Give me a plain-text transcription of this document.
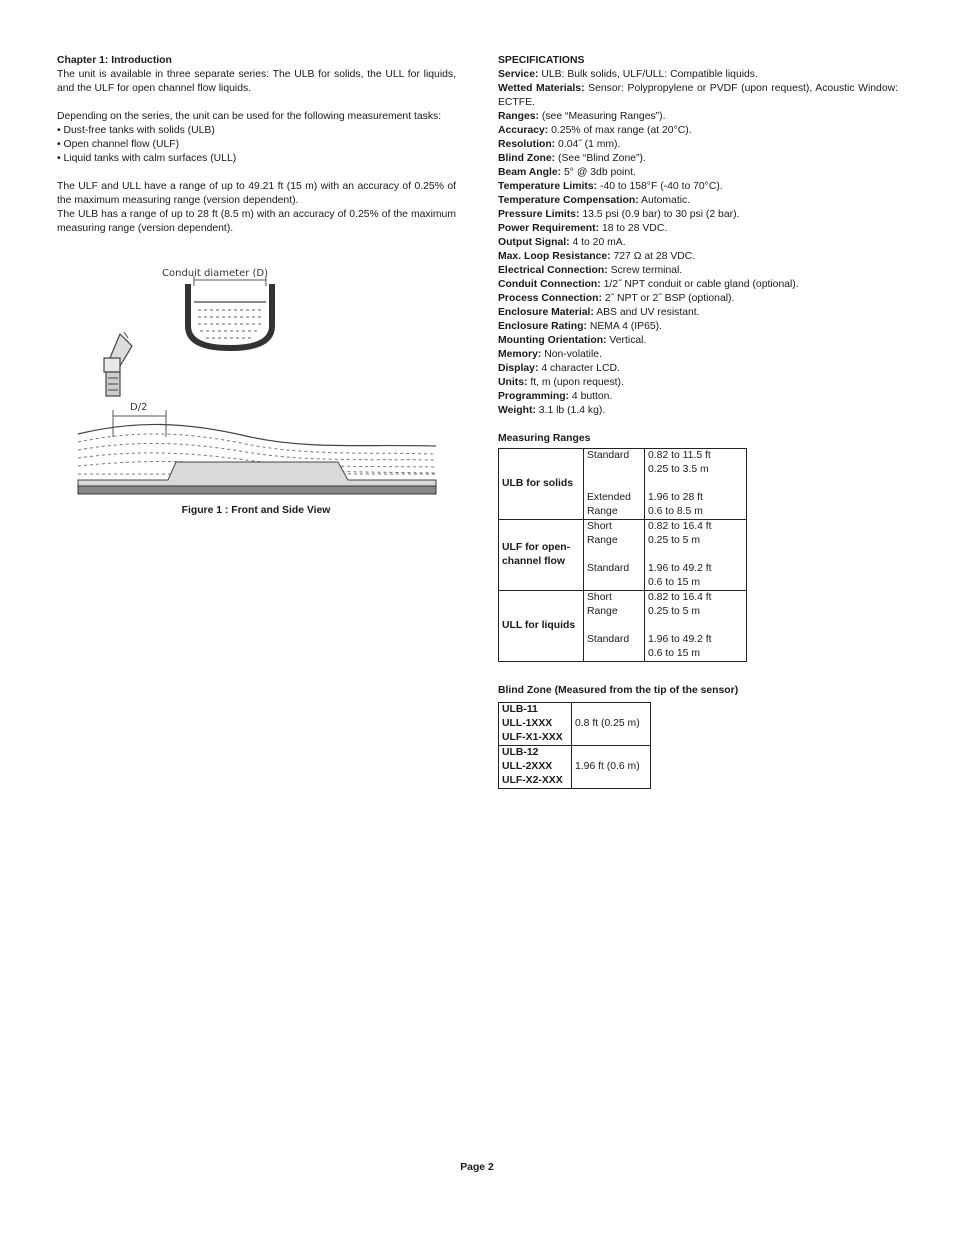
Chapter 1: Introduction

The unit is available in three separate series: The ULB for solids, the ULL for liquids, and the ULF for open channel flow liquids.

Depending on the series, the unit can be used for the following measurement tasks:

• Dust-free tanks with solids (ULB)

• Open channel flow (ULF)

• Liquid tanks with calm surfaces (ULL)

The ULF and ULL have a range of up to 49.21 ft (15 m) with an accuracy of 0.25% of the maximum measuring range (version dependent).

The ULB has a range of up to 28 ft (8.5 m) with an accuracy of 0.25% of the maximum measuring range (version dependent).

Conduit diameter (D)
D/2
Figure 1 : Front and Side View

SPECIFICATIONS

Service: ULB: Bulk solids, ULF/ULL: Compatible liquids.

Wetted Materials: Sensor: Polypropylene or PVDF (upon request), Acoustic Window: ECTFE.

Ranges: (see “Measuring Ranges”).

Accuracy: 0.25% of max range (at 20°C).

Resolution: 0.04˝ (1 mm).

Blind Zone: (See “Blind Zone”).

Beam Angle: 5° @ 3db point.

Temperature Limits: -40 to 158°F (-40 to 70°C).

Temperature Compensation: Automatic.

Pressure Limits: 13.5 psi (0.9 bar) to 30 psi (2 bar).

Power Requirement: 18 to 28 VDC.

Output Signal: 4 to 20 mA.

Max. Loop Resistance: 727 Ω at 28 VDC.

Electrical Connection: Screw terminal.

Conduit Connection: 1/2˝ NPT conduit or cable gland (optional).

Process Connection: 2˝ NPT or 2˝ BSP (optional).

Enclosure Material: ABS and UV resistant.

Enclosure Rating: NEMA 4 (IP65).

Mounting Orientation: Vertical.

Memory: Non-volatile.

Display: 4 character LCD.

Units: ft, m (upon request).

Programming: 4 button.

Weight: 3.1 lb (1.4 kg).

Measuring Ranges

ULB for solids	Standard	0.82 to 11.5 ft
		0.25 to 3.5 m

	Extended	1.96 to 28 ft
	Range	0.6 to 8.5 m
ULF for open-channel flow	Short	0.82 to 16.4 ft
	Range	0.25 to 5 m

	Standard	1.96 to 49.2 ft
		0.6 to 15 m
ULL for liquids	Short	0.82 to 16.4 ft
	Range	0.25 to 5 m

	Standard	1.96 to 49.2 ft
		0.6 to 15 m

Blind Zone (Measured from the tip of the sensor)

ULB-11
ULL-1XXX
ULF-X1-XXX	0.8 ft (0.25 m)

ULB-12
ULL-2XXX
ULF-X2-XXX	1.96 ft (0.6 m)
Page 2
